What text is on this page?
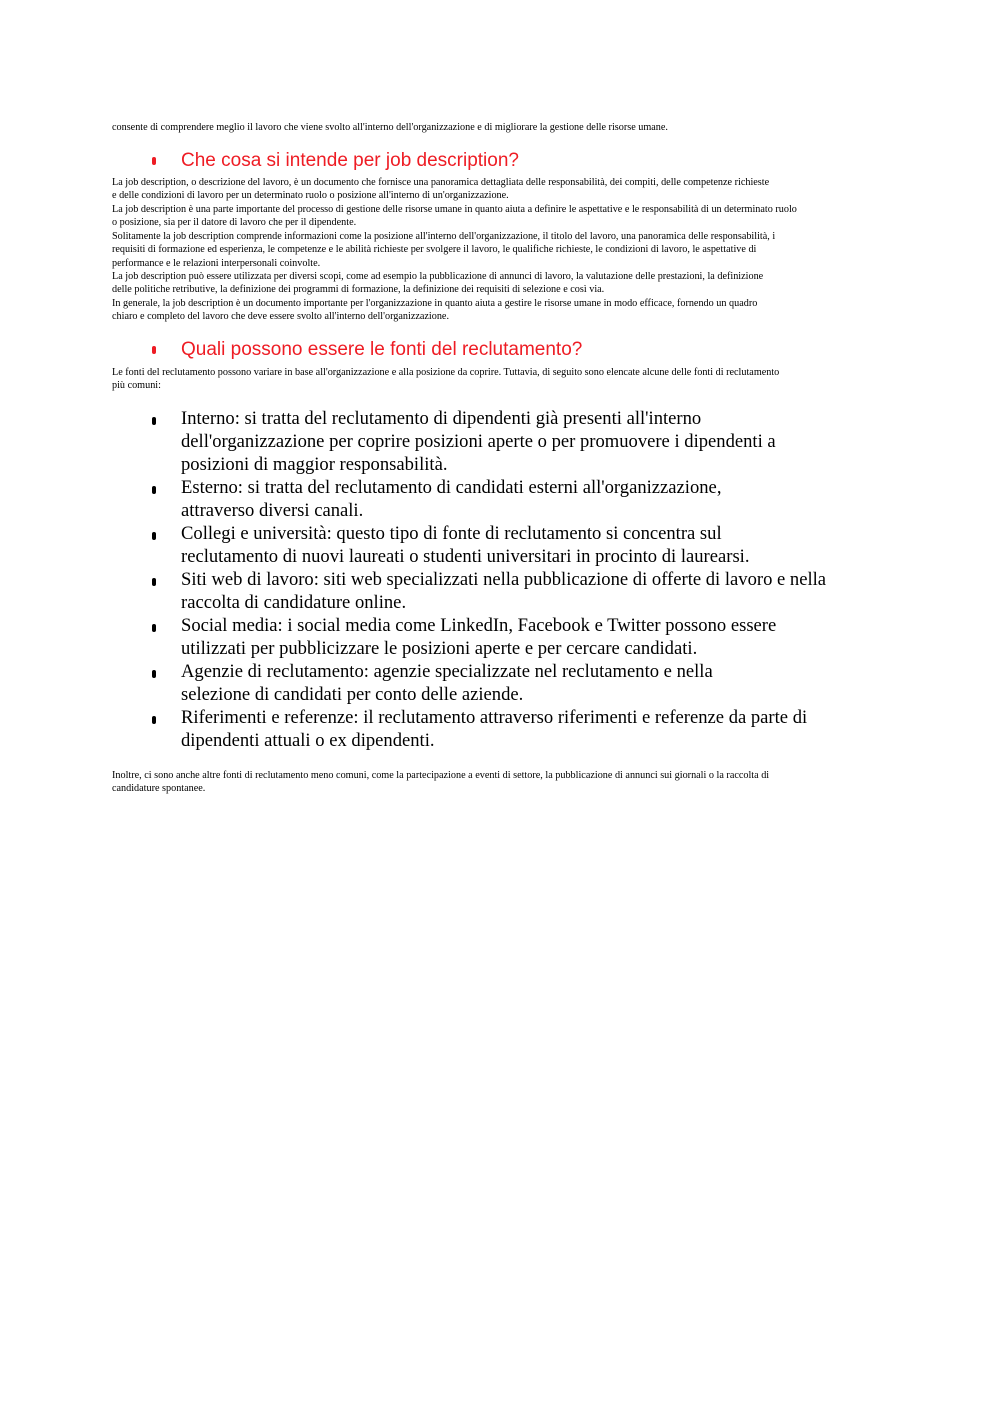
consente di comprendere meglio il lavoro che viene svolto all'interno dell'organizzazione e di migliorare la gestione delle risorse umane.

Che cosa si intende per job description?

La job description, o descrizione del lavoro, è un documento che fornisce una panoramica dettagliata delle responsabilità, dei compiti, delle competenze richieste
e delle condizioni di lavoro per un determinato ruolo o posizione all'interno di un'organizzazione.

La job description è una parte importante del processo di gestione delle risorse umane in quanto aiuta a definire le aspettative e le responsabilità di un determinato ruolo
o posizione, sia per il datore di lavoro che per il dipendente.

Solitamente la job description comprende informazioni come la posizione all'interno dell'organizzazione, il titolo del lavoro, una panoramica delle responsabilità, i
requisiti di formazione ed esperienza, le competenze e le abilità richieste per svolgere il lavoro, le qualifiche richieste, le condizioni di lavoro, le aspettative di
performance e le relazioni interpersonali coinvolte.

La job description può essere utilizzata per diversi scopi, come ad esempio la pubblicazione di annunci di lavoro, la valutazione delle prestazioni, la definizione
delle politiche retributive, la definizione dei programmi di formazione, la definizione dei requisiti di selezione e così via.

In generale, la job description è un documento importante per l'organizzazione in quanto aiuta a gestire le risorse umane in modo efficace, fornendo un quadro
chiaro e completo del lavoro che deve essere svolto all'interno dell'organizzazione.

Quali possono essere le fonti del reclutamento?

Le fonti del reclutamento possono variare in base all'organizzazione e alla posizione da coprire. Tuttavia, di seguito sono elencate alcune delle fonti di reclutamento
più comuni:

Interno: si tratta del reclutamento di dipendenti già presenti all'interno
dell'organizzazione per coprire posizioni aperte o per promuovere i dipendenti a
posizioni di maggior responsabilità.
Esterno: si tratta del reclutamento di candidati esterni all'organizzazione,
attraverso diversi canali.
Collegi e università: questo tipo di fonte di reclutamento si concentra sul
reclutamento di nuovi laureati o studenti universitari in procinto di laurearsi.
Siti web di lavoro: siti web specializzati nella pubblicazione di offerte di lavoro e nella
raccolta di candidature online.
Social media: i social media come LinkedIn, Facebook e Twitter possono essere
utilizzati per pubblicizzare le posizioni aperte e per cercare candidati.
Agenzie di reclutamento: agenzie specializzate nel reclutamento e nella
selezione di candidati per conto delle aziende.
Riferimenti e referenze: il reclutamento attraverso riferimenti e referenze da parte di
dipendenti attuali o ex dipendenti.

Inoltre, ci sono anche altre fonti di reclutamento meno comuni, come la partecipazione a eventi di settore, la pubblicazione di annunci sui giornali o la raccolta di
candidature spontanee.
